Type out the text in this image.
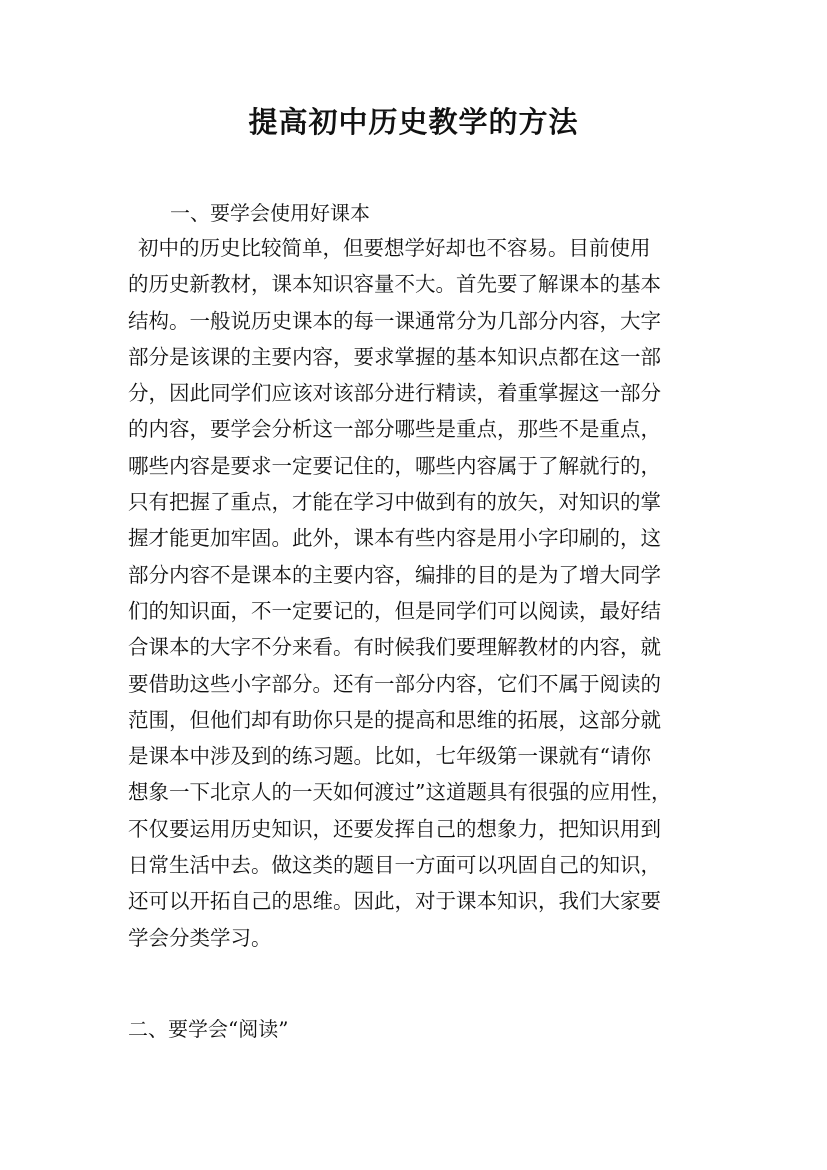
提高初中历史教学的方法
一、要学会使用好课本
初中的历史比较简单，但要想学好却也不容易。目前使用
的历史新教材，课本知识容量不大。首先要了解课本的基本
结构。一般说历史课本的每一课通常分为几部分内容，大字
部分是该课的主要内容，要求掌握的基本知识点都在这一部
分，因此同学们应该对该部分进行精读，着重掌握这一部分
的内容，要学会分析这一部分哪些是重点，那些不是重点，
哪些内容是要求一定要记住的，哪些内容属于了解就行的，
只有把握了重点，才能在学习中做到有的放矢，对知识的掌
握才能更加牢固。此外，课本有些内容是用小字印刷的，这
部分内容不是课本的主要内容，编排的目的是为了增大同学
们的知识面，不一定要记的，但是同学们可以阅读，最好结
合课本的大字不分来看。有时候我们要理解教材的内容，就
要借助这些小字部分。还有一部分内容，它们不属于阅读的
范围，但他们却有助你只是的提高和思维的拓展，这部分就
是课本中涉及到的练习题。比如，七年级第一课就有“请你
想象一下北京人的一天如何渡过”这道题具有很强的应用性，
不仅要运用历史知识，还要发挥自己的想象力，把知识用到
日常生活中去。做这类的题目一方面可以巩固自己的知识，
还可以开拓自己的思维。因此，对于课本知识，我们大家要
学会分类学习。
二、要学会“阅读”
